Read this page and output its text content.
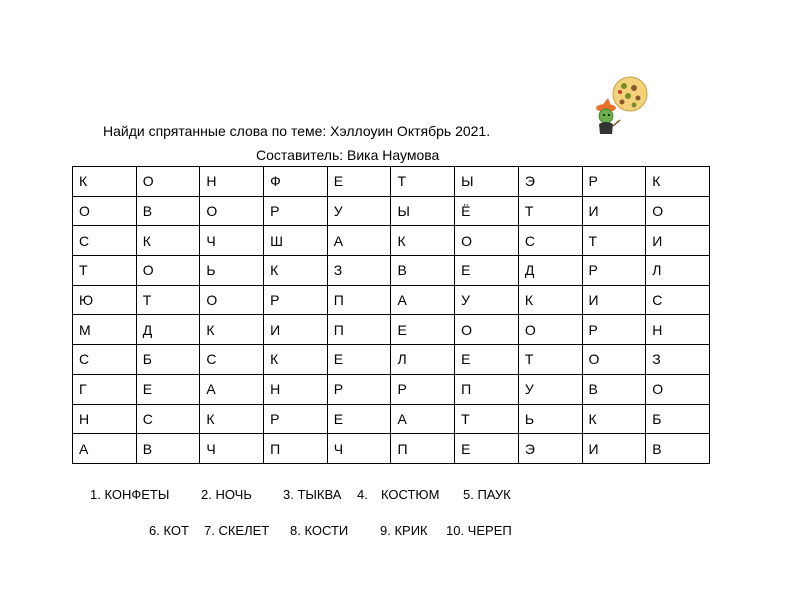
Найди спрятанные слова по теме: Хэллоуин Октябрь 2021.
Составитель: Вика Наумова
К	О	Н	Ф	Е	Т	Ы	Э	Р	К
О	В	О	Р	У	Ы	Ё	Т	И	О
С	К	Ч	Ш	А	К	О	С	Т	И
Т	О	Ь	К	З	В	Е	Д	Р	Л
Ю	Т	О	Р	П	А	У	К	И	С
М	Д	К	И	П	Е	О	О	Р	Н
С	Б	С	К	Е	Л	Е	Т	О	З
Г	Е	А	Н	Р	Р	П	У	В	О
Н	С	К	Р	Е	А	Т	Ь	К	Б
А	В	Ч	П	Ч	П	Е	Э	И	В
1. КОНФЕТЫ 2. НОЧЬ 3. ТЫКВА 4. КОСТЮМ 5. ПАУК
6. КОТ 7. СКЕЛЕТ 8. КОСТИ 9. КРИК 10. ЧЕРЕП
